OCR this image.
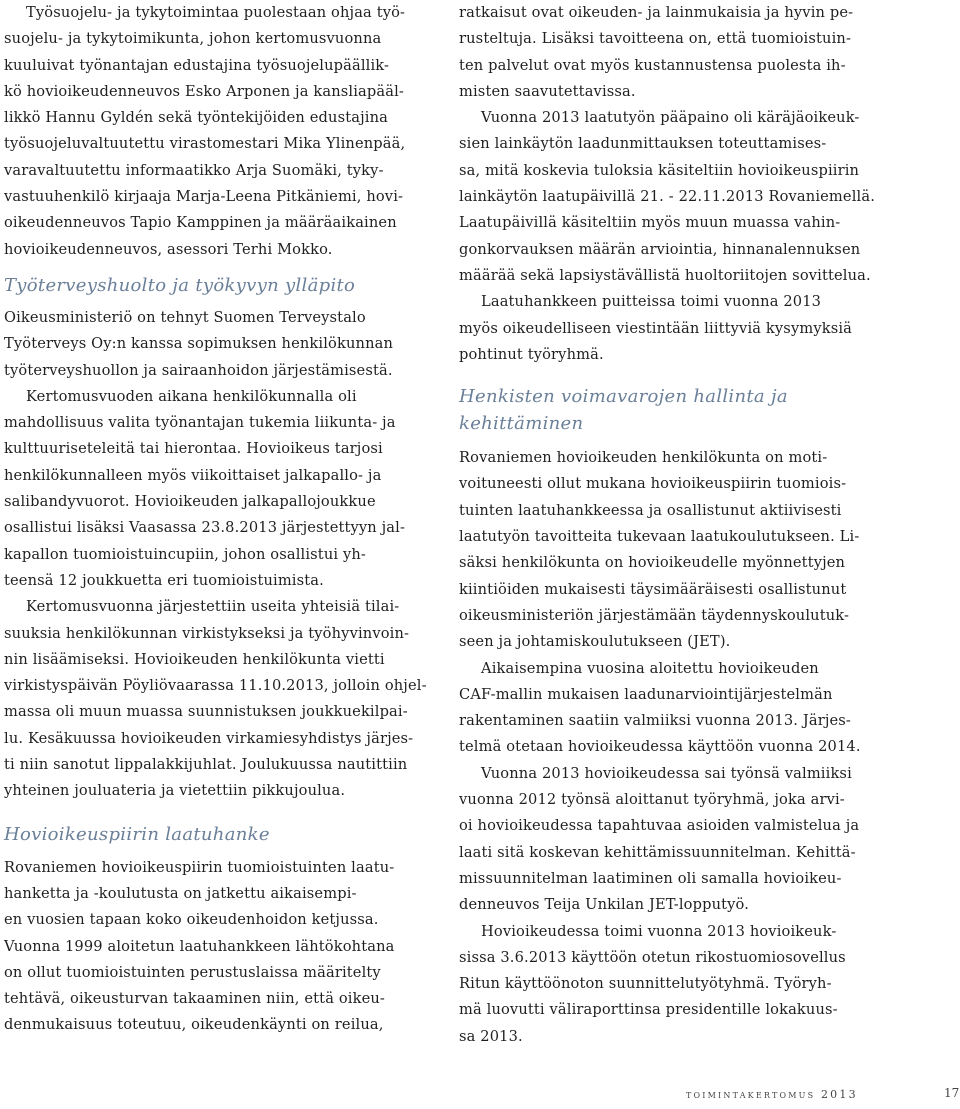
Työsuojelu- ja tykytoimintaa puolestaan ohjaa työ-
suojelu- ja tykytoimikunta, johon kertomusvuonna
kuuluivat työnantajan edustajina työsuojelupäällik-
kö hovioikeudenneuvos Esko Arponen ja kansliapääl-
likkö Hannu Gyldén sekä työntekijöiden edustajina
työsuojeluvaltuutettu virastomestari Mika Ylinenpää,
varavaltuutettu informaatikko Arja Suomäki, tyky-
vastuuhenkilö kirjaaja Marja-Leena Pitkäniemi, hovi-
oikeudenneuvos Tapio Kamppinen ja määräaikainen
hovioikeudenneuvos, asessori Terhi Mokko.
Työterveyshuolto ja työkyvyn ylläpito
Oikeusministeriö on tehnyt Suomen Terveystalo
Työterveys Oy:n kanssa sopimuksen henkilökunnan
työterveyshuollon ja sairaanhoidon järjestämisestä.
Kertomusvuoden aikana henkilökunnalla oli
mahdollisuus valita työnantajan tukemia liikunta- ja
kulttuuriseteleitä tai hierontaa. Hovioikeus tarjosi
henkilökunnalleen myös viikoittaiset jalkapallo- ja
salibandyvuorot. Hovioikeuden jalkapallojoukkue
osallistui lisäksi Vaasassa 23.8.2013 järjestettyyn jal-
kapallon tuomioistuincupiin, johon osallistui yh-
teensä 12 joukkuetta eri tuomioistuimista.
Kertomusvuonna järjestettiin useita yhteisiä tilai-
suuksia henkilökunnan virkistykseksi ja työhyvinvoin-
nin lisäämiseksi. Hovioikeuden henkilökunta vietti
virkistyspäivän Pöyliövaarassa 11.10.2013, jolloin ohjel-
massa oli muun muassa suunnistuksen joukkuekilpai-
lu. Kesäkuussa hovioikeuden virkamiesyhdistys järjes-
ti niin sanotut lippalakkijuhlat. Joulukuussa nautittiin
yhteinen jouluateria ja vietettiin pikkujoulua.
Hovioikeuspiirin laatuhanke
Rovaniemen hovioikeuspiirin tuomioistuinten laatu-
hanketta ja -koulutusta on jatkettu aikaisempi-
en vuosien tapaan koko oikeudenhoidon ketjussa.
Vuonna 1999 aloitetun laatuhankkeen lähtökohtana
on ollut tuomioistuinten perustuslaissa määritelty
tehtävä, oikeusturvan takaaminen niin, että oikeu-
denmukaisuus toteutuu, oikeudenkäynti on reilua,
ratkaisut ovat oikeuden- ja lainmukaisia ja hyvin pe-
rusteltuja. Lisäksi tavoitteena on, että tuomioistuin-
ten palvelut ovat myös kustannustensa puolesta ih-
misten saavutettavissa.
Vuonna 2013 laatutyön pääpaino oli käräjäoikeuk-
sien lainkäytön laadunmittauksen toteuttamises-
sa, mitä koskevia tuloksia käsiteltiin hovioikeuspiirin
lainkäytön laatupäivillä 21. - 22.11.2013 Rovaniemellä.
Laatupäivillä käsiteltiin myös muun muassa vahin-
gonkorvauksen määrän arviointia, hinnanalennuksen
määrää sekä lapsiystävällistä huoltoriitojen sovittelua.
Laatuhankkeen puitteissa toimi vuonna 2013
myös oikeudelliseen viestintään liittyviä kysymyksiä
pohtinut työryhmä.
Henkisten voimavarojen hallinta ja
kehittäminen
Rovaniemen hovioikeuden henkilökunta on moti-
voituneesti ollut mukana hovioikeuspiirin tuomiois-
tuinten laatuhankkeessa ja osallistunut aktiivisesti
laatutyön tavoitteita tukevaan laatukoulutukseen. Li-
säksi henkilökunta on hovioikeudelle myönnettyjen
kiintiöiden mukaisesti täysimääräisesti osallistunut
oikeusministeriön järjestämään täydennyskoulutuk-
seen ja johtamiskoulutukseen (JET).
Aikaisempina vuosina aloitettu hovioikeuden
CAF-mallin mukaisen laadunarviointijärjestelmän
rakentaminen saatiin valmiiksi vuonna 2013. Järjes-
telmä otetaan hovioikeudessa käyttöön vuonna 2014.
Vuonna 2013 hovioikeudessa sai työnsä valmiiksi
vuonna 2012 työnsä aloittanut työryhmä, joka arvi-
oi hovioikeudessa tapahtuvaa asioiden valmistelua ja
laati sitä koskevan kehittämissuunnitelman. Kehittä-
missuunnitelman laatiminen oli samalla hovioikeu-
denneuvos Teija Unkilan JET-lopputyö.
Hovioikeudessa toimi vuonna 2013 hovioikeuk-
sissa 3.6.2013 käyttöön otetun rikostuomiosovellus
Ritun käyttöönoton suunnittelutyötyhmä. Työryh-
mä luovutti väliraporttinsa presidentille lokakuus-
sa 2013.
toimintakertomus 2013	17
